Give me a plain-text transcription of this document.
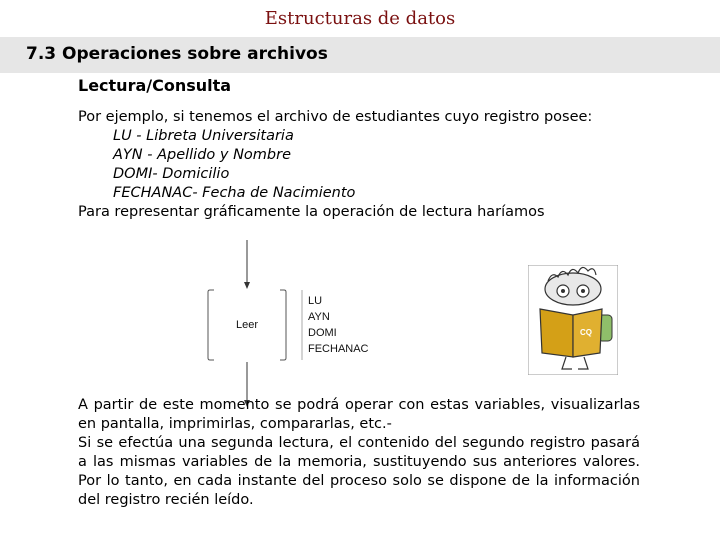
Estructuras de datos
7.3 Operaciones sobre archivos
Lectura/Consulta

Por ejemplo, si tenemos el archivo de estudiantes cuyo registro posee:

LU - Libreta Universitaria

AYN - Apellido y Nombre

DOMI- Domicilio

FECHANAC- Fecha de Nacimiento

Para representar gráficamente la operación de lectura haríamos

Leer
LU
AYN
DOMI
FECHANAC
CQ

A partir de este momento se podrá operar con estas variables, visualizarlas en pantalla, imprimirlas, compararlas, etc.-

Si se efectúa una segunda lectura, el contenido del segundo registro pasará a las mismas variables de la memoria, sustituyendo sus anteriores valores. Por lo tanto, en cada instante del proceso solo se dispone de la información del registro recién leído.
